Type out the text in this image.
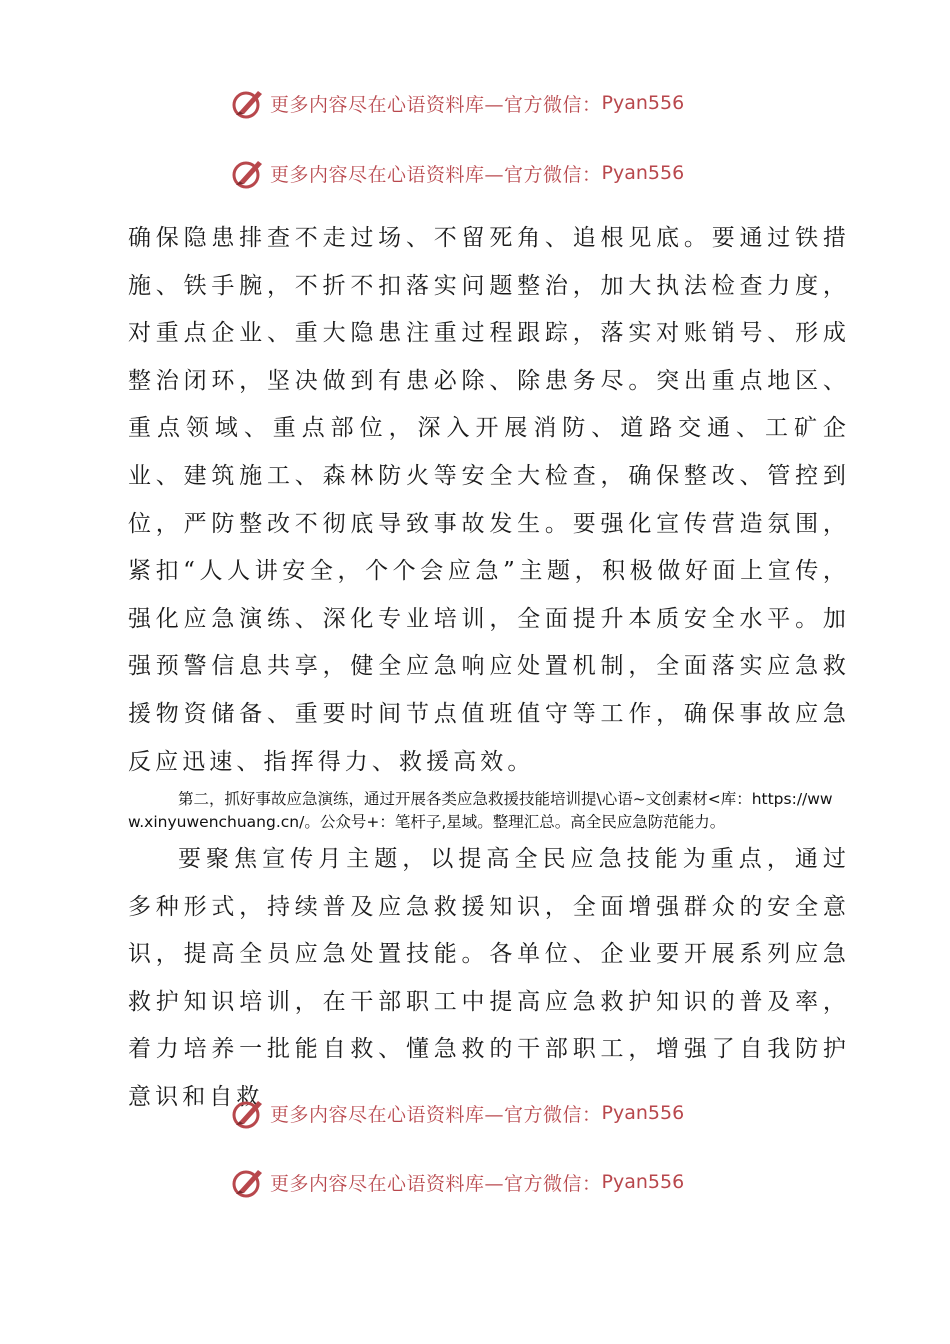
更多内容尽在心语资料库—官方微信： Pyan556
更多内容尽在心语资料库—官方微信： Pyan556

确保隐患排查不走过场、不留死角、追根见底。要通过铁措施、铁手腕，不折不扣落实问题整治，加大执法检查力度，对重点企业、重大隐患注重过程跟踪，落实对账销号、形成整治闭环，坚决做到有患必除、除患务尽。突出重点地区、重点领域、重点部位，深入开展消防、道路交通、工矿企业、建筑施工、森林防火等安全大检查，确保整改、管控到位，严防整改不彻底导致事故发生。要强化宣传营造氛围，紧扣“人人讲安全，个个会应急”主题，积极做好面上宣传，强化应急演练、深化专业培训，全面提升本质安全水平。加强预警信息共享，健全应急响应处置机制，全面落实应急救援物资储备、重要时间节点值班值守等工作，确保事故应急反应迅速、指挥得力、救援高效。

第二，抓好事故应急演练，通过开展各类应急救援技能培训提\心语~文创素材<库：https://www.xinyuwenchuang.cn/。公众号+：笔杆子,星域。整理汇总。高全民应急防范能力。

要聚焦宣传月主题，以提高全民应急技能为重点，通过多种形式，持续普及应急救援知识，全面增强群众的安全意识，提高全员应急处置技能。各单位、企业要开展系列应急救护知识培训，在干部职工中提高应急救护知识的普及率，着力培养一批能自救、懂急救的干部职工，增强了自我防护意识和自救

更多内容尽在心语资料库—官方微信： Pyan556
更多内容尽在心语资料库—官方微信： Pyan556
